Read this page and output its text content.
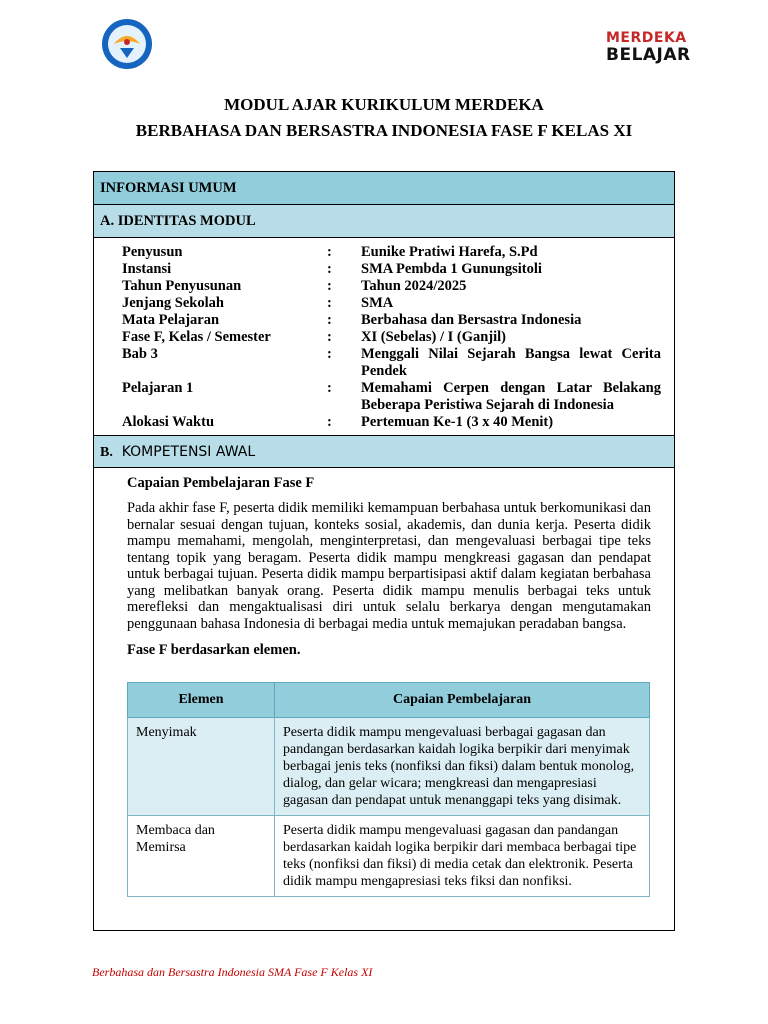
MERDEKA
BELAJAR
MODUL AJAR KURIKULUM MERDEKA
BERBAHASA DAN BERSASTRA INDONESIA FASE F KELAS XI
INFORMASI UMUM
A. IDENTITAS MODUL
Penyusun	:	Eunike Pratiwi Harefa, S.Pd
Instansi	:	SMA Pembda 1 Gunungsitoli
Tahun Penyusunan	:	Tahun 2024/2025
Jenjang Sekolah	:	SMA
Mata Pelajaran	:	Berbahasa dan Bersastra Indonesia
Fase F, Kelas / Semester	:	XI (Sebelas) / I (Ganjil)
Bab 3	:	Menggali Nilai Sejarah Bangsa lewat Cerita Pendek
Pelajaran 1	:	Memahami Cerpen dengan Latar Belakang Beberapa Peristiwa Sejarah di Indonesia
Alokasi Waktu	:	Pertemuan Ke-1 (3 x 40 Menit)
B. KOMPETENSI AWAL
Capaian Pembelajaran Fase F

Pada akhir fase F, peserta didik memiliki kemampuan berbahasa untuk berkomunikasi dan bernalar sesuai dengan tujuan, konteks sosial, akademis, dan dunia kerja. Peserta didik mampu memahami, mengolah, menginterpretasi, dan mengevaluasi berbagai tipe teks tentang topik yang beragam. Peserta didik mampu mengkreasi gagasan dan pendapat untuk berbagai tujuan. Peserta didik mampu berpartisipasi aktif dalam kegiatan berbahasa yang melibatkan banyak orang. Peserta didik mampu menulis berbagai teks untuk merefleksi dan mengaktualisasi diri untuk selalu berkarya dengan mengutamakan penggunaan bahasa Indonesia di berbagai media untuk memajukan peradaban bangsa.

Fase F berdasarkan elemen.
Elemen	Capaian Pembelajaran
Menyimak	Peserta didik mampu mengevaluasi berbagai gagasan dan pandangan berdasarkan kaidah logika berpikir dari menyimak berbagai jenis teks (nonfiksi dan fiksi) dalam bentuk monolog, dialog, dan gelar wicara; mengkreasi dan mengapresiasi gagasan dan pendapat untuk menanggapi teks yang disimak.
Membaca dan Memirsa	Peserta didik mampu mengevaluasi gagasan dan pandangan berdasarkan kaidah logika berpikir dari membaca berbagai tipe teks (nonfiksi dan fiksi) di media cetak dan elektronik. Peserta didik mampu mengapresiasi teks fiksi dan nonfiksi.
Berbahasa dan Bersastra Indonesia SMA Fase F Kelas XI
